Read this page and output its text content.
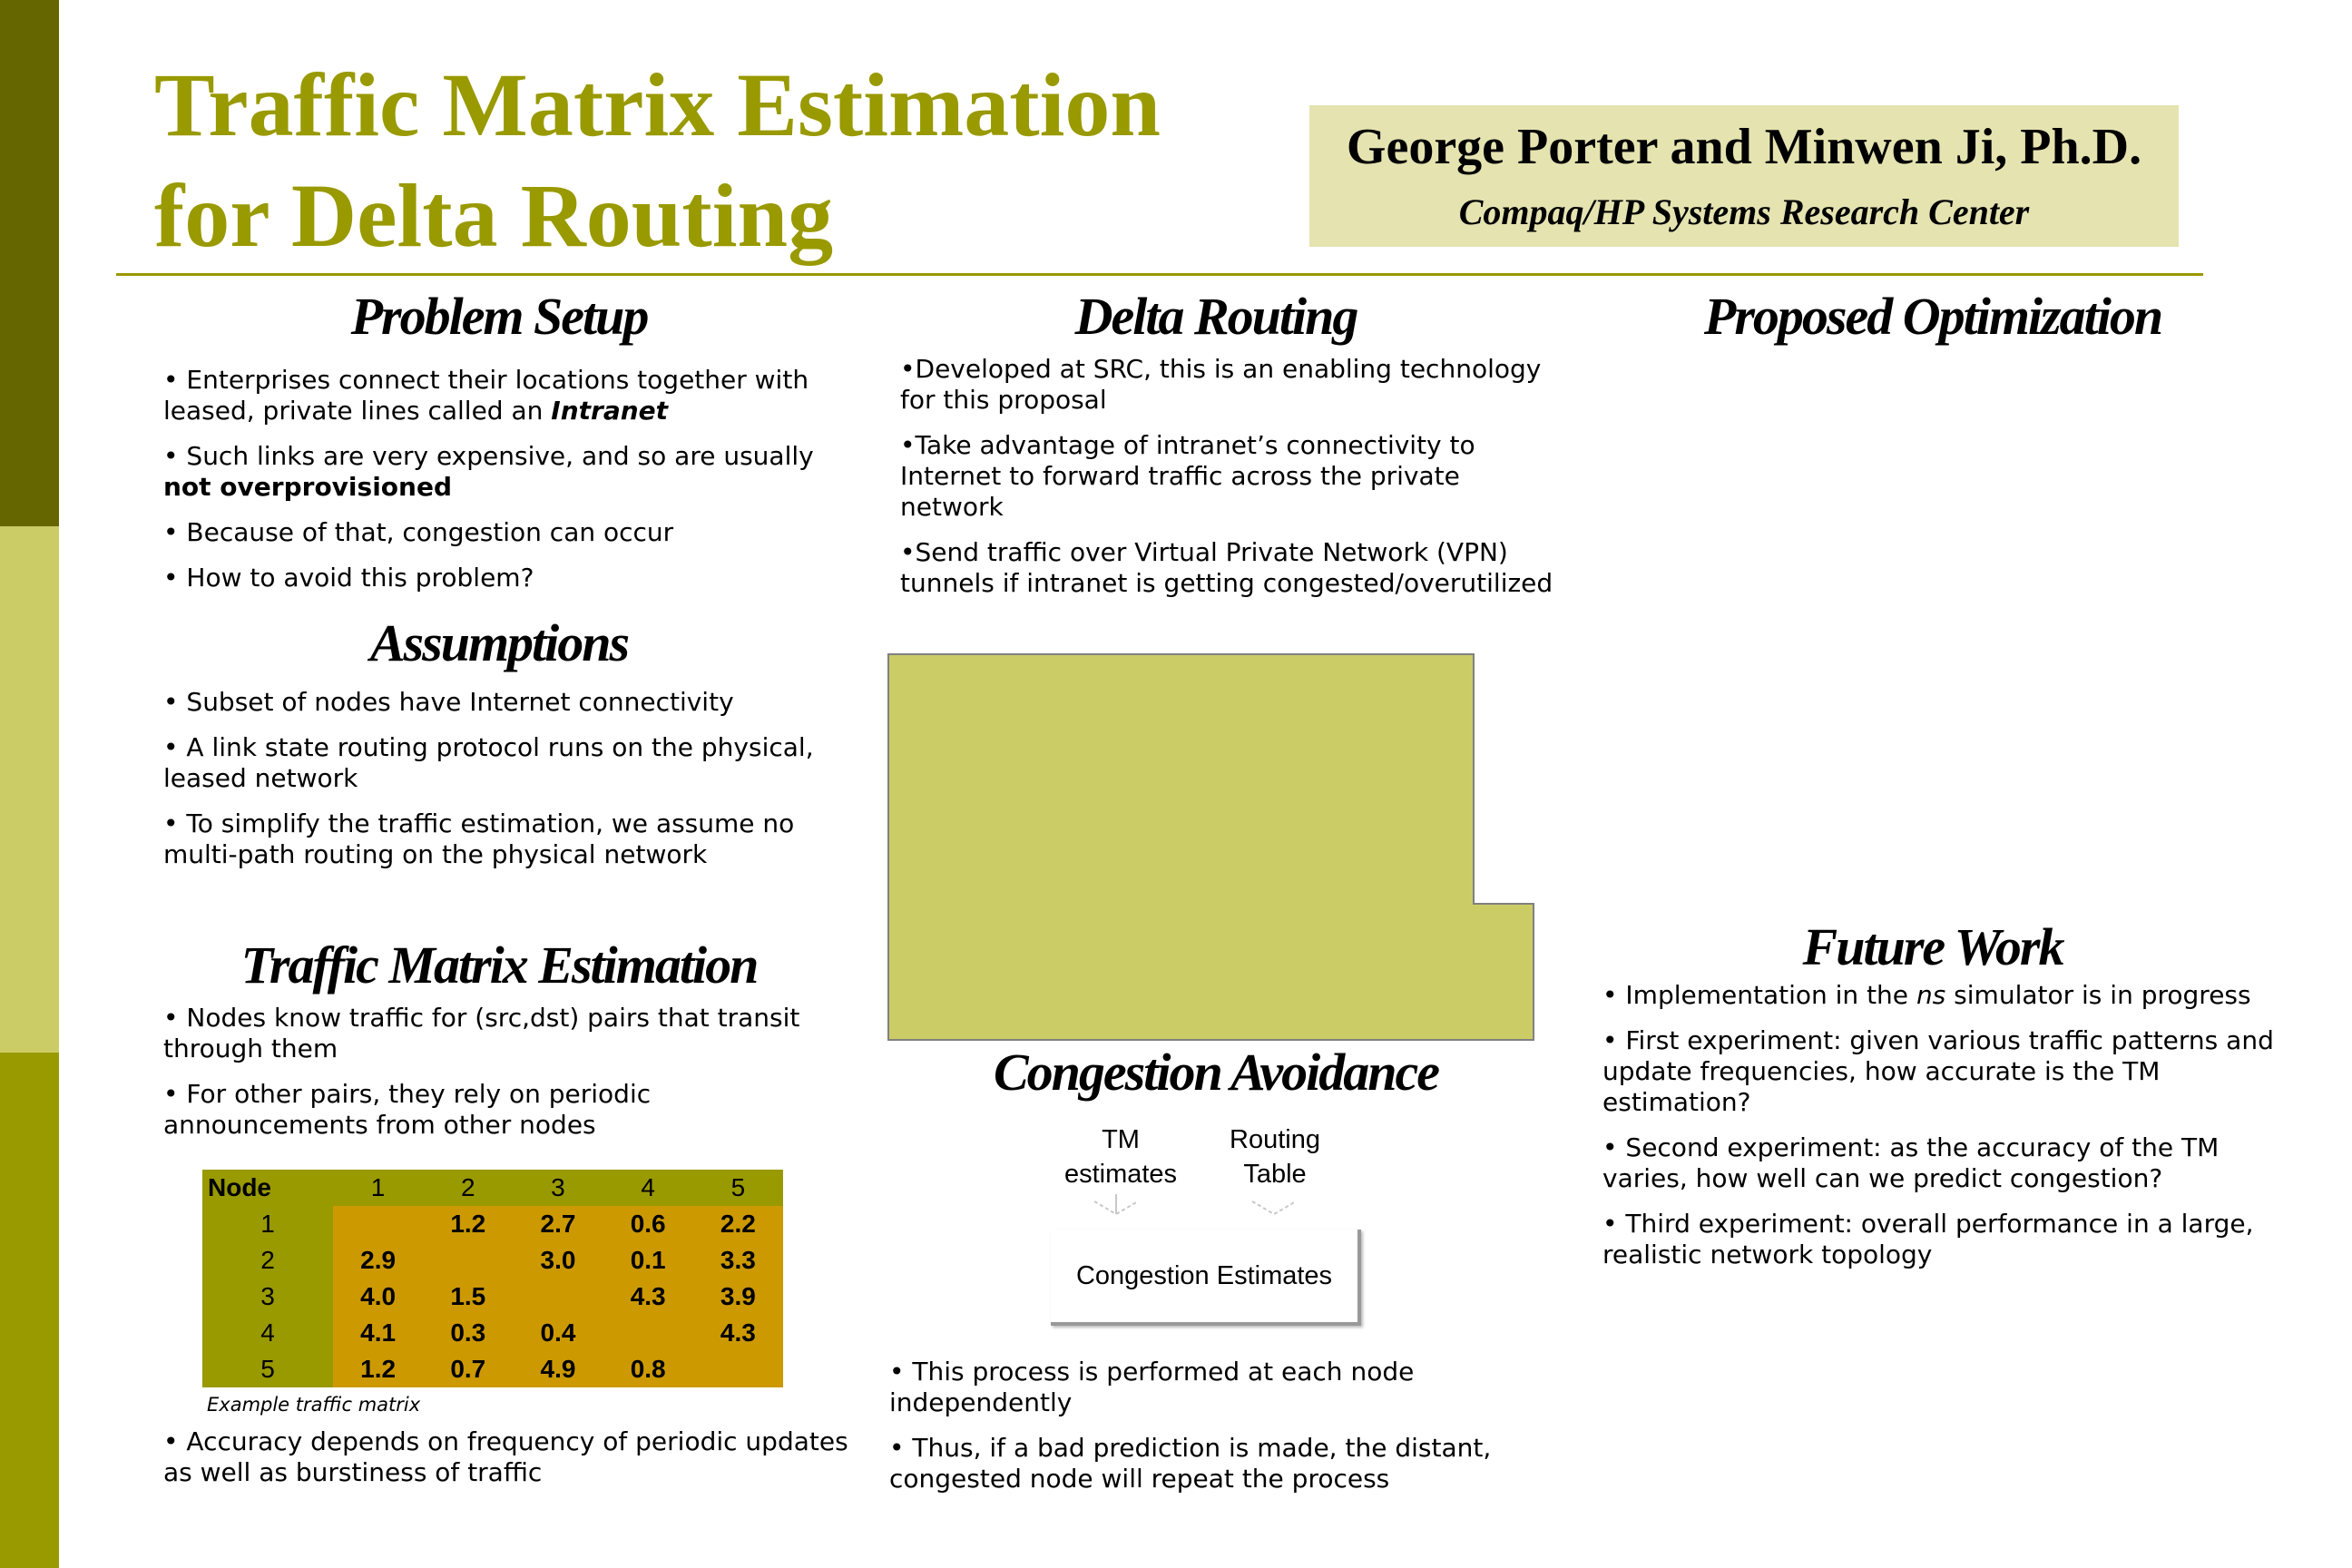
Traffic Matrix Estimation
for Delta Routing
George Porter and Minwen Ji, Ph.D.
Compaq/HP Systems Research Center
Problem Setup

• Enterprises connect their locations together with leased, private lines called an Intranet

• Such links are very expensive, and so are usually not overprovisioned

• Because of that, congestion can occur

• How to avoid this problem?

Assumptions

• Subset of nodes have Internet connectivity

• A link state routing protocol runs on the physical, leased network

• To simplify the traffic estimation, we assume no multi-path routing on the physical network

Traffic Matrix Estimation

• Nodes know traffic for (src,dst) pairs that transit through them

• For other pairs, they rely on periodic announcements from other nodes

Node	1	2	3	4	5
1		1.2	2.7	0.6	2.2
2	2.9		3.0	0.1	3.3
3	4.0	1.5		4.3	3.9
4	4.1	0.3	0.4		4.3
5	1.2	0.7	4.9	0.8	
Example traffic matrix

• Accuracy depends on frequency of periodic updates as well as burstiness of traffic

Delta Routing

•Developed at SRC, this is an enabling technology for this proposal

•Take advantage of intranet’s connectivity to Internet to forward traffic across the private network

•Send traffic over Virtual Private Network (VPN) tunnels if intranet is getting congested/overutilized

Congestion Avoidance
TM
estimates
Routing
Table
Congestion Estimates

• This process is performed at each node independently

• Thus, if a bad prediction is made, the distant, congested node will repeat the process

Proposed Optimization
Future Work

• Implementation in the ns simulator is in progress

• First experiment: given various traffic patterns and update frequencies, how accurate is the TM estimation?

• Second experiment: as the accuracy of the TM varies, how well can we predict congestion?

• Third experiment: overall performance in a large, realistic network topology
